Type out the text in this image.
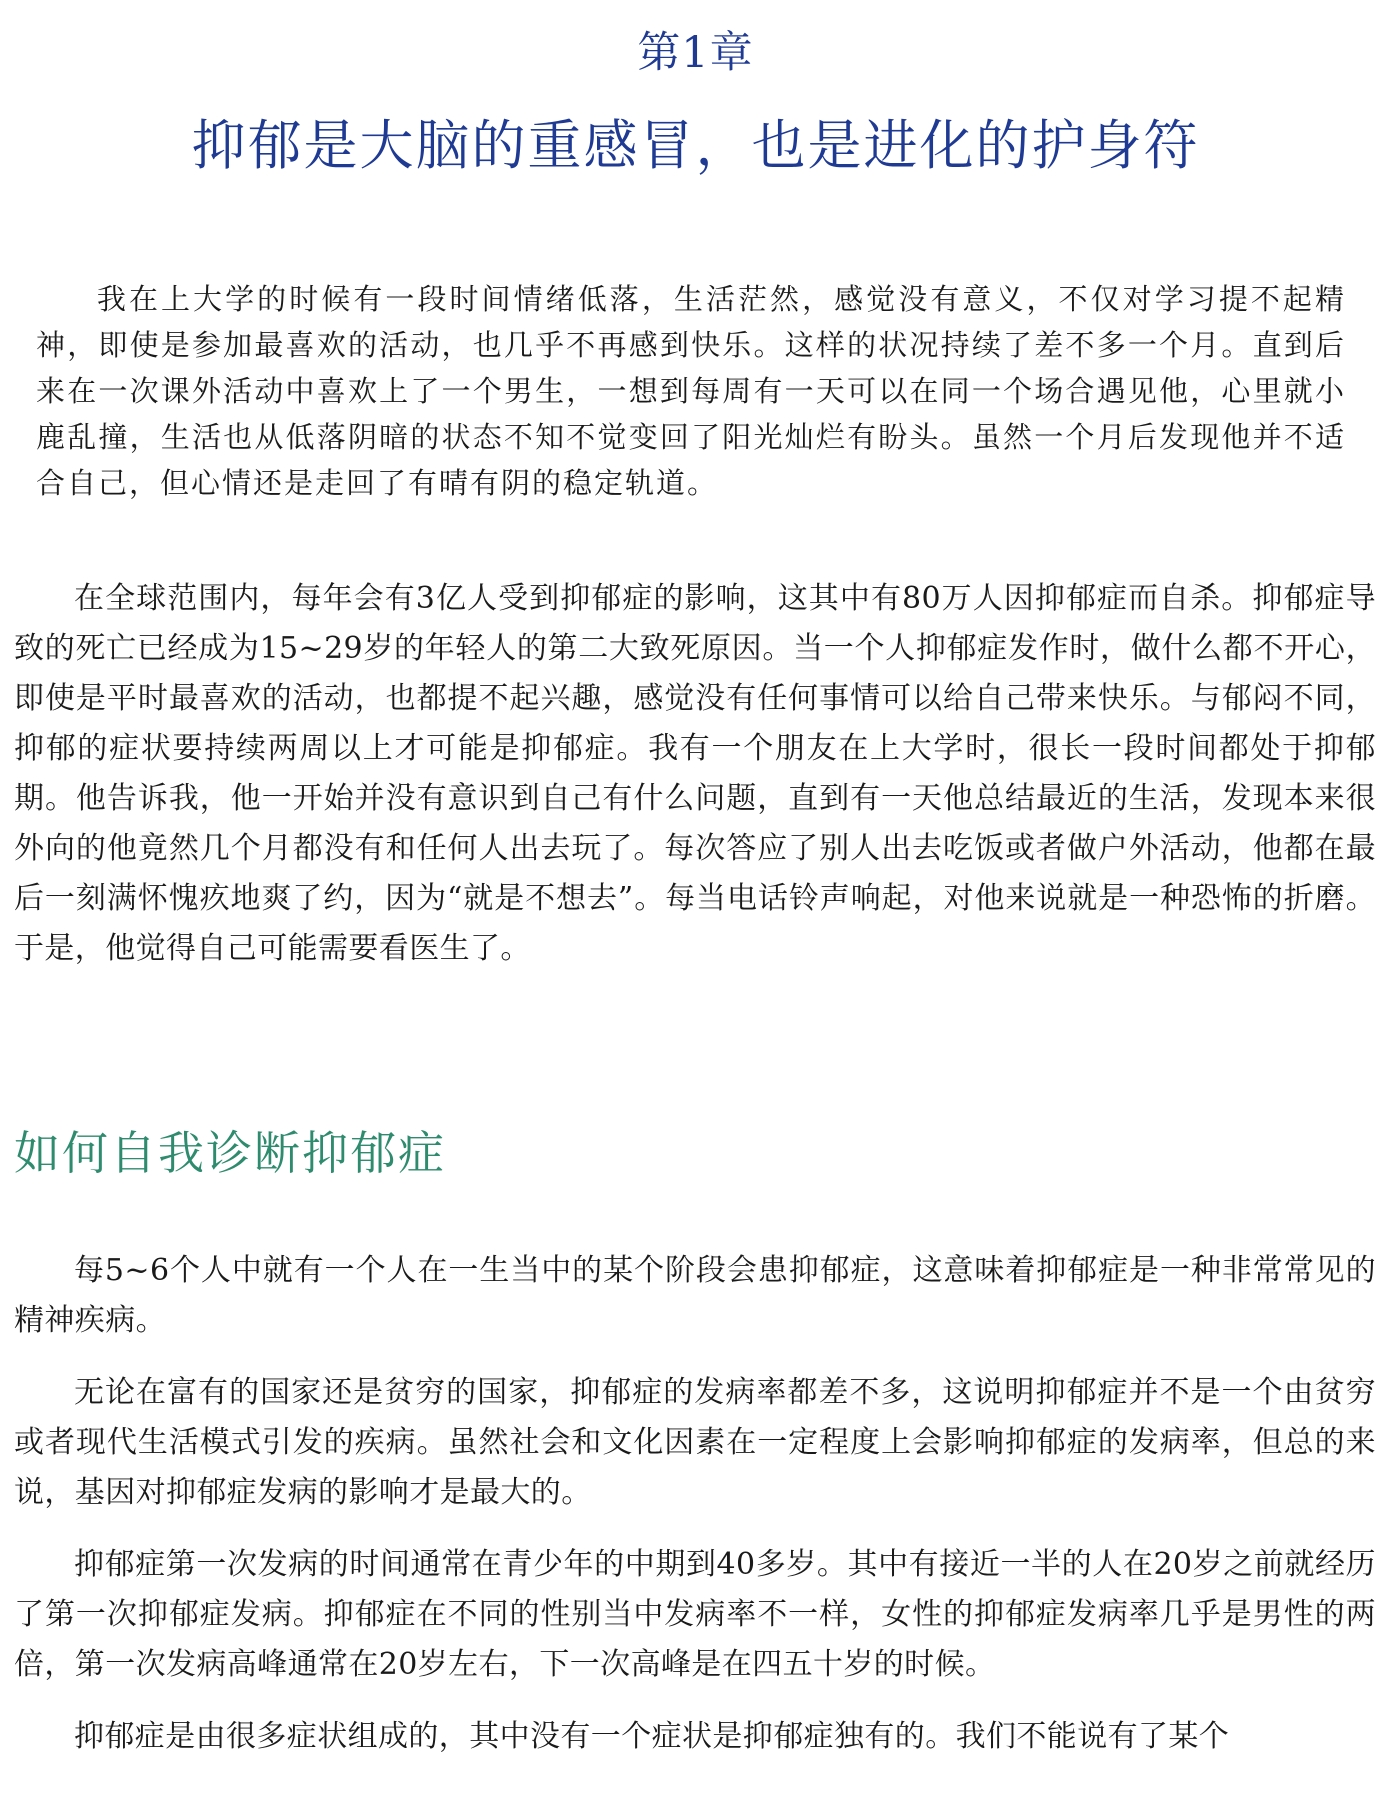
第1章
抑郁是大脑的重感冒，也是进化的护身符

我在上大学的时候有一段时间情绪低落，生活茫然，感觉没有意义，不仅对学习提不起精神，即使是参加最喜欢的活动，也几乎不再感到快乐。这样的状况持续了差不多一个月。直到后来在一次课外活动中喜欢上了一个男生，一想到每周有一天可以在同一个场合遇见他，心里就小鹿乱撞，生活也从低落阴暗的状态不知不觉变回了阳光灿烂有盼头。虽然一个月后发现他并不适合自己，但心情还是走回了有晴有阴的稳定轨道。

在全球范围内，每年会有3亿人受到抑郁症的影响，这其中有80万人因抑郁症而自杀。抑郁症导致的死亡已经成为15~29岁的年轻人的第二大致死原因。当一个人抑郁症发作时，做什么都不开心，即使是平时最喜欢的活动，也都提不起兴趣，感觉没有任何事情可以给自己带来快乐。与郁闷不同，抑郁的症状要持续两周以上才可能是抑郁症。我有一个朋友在上大学时，很长一段时间都处于抑郁期。他告诉我，他一开始并没有意识到自己有什么问题，直到有一天他总结最近的生活，发现本来很外向的他竟然几个月都没有和任何人出去玩了。每次答应了别人出去吃饭或者做户外活动，他都在最后一刻满怀愧疚地爽了约，因为“就是不想去”。每当电话铃声响起，对他来说就是一种恐怖的折磨。于是，他觉得自己可能需要看医生了。

如何自我诊断抑郁症

每5~6个人中就有一个人在一生当中的某个阶段会患抑郁症，这意味着抑郁症是一种非常常见的精神疾病。

无论在富有的国家还是贫穷的国家，抑郁症的发病率都差不多，这说明抑郁症并不是一个由贫穷或者现代生活模式引发的疾病。虽然社会和文化因素在一定程度上会影响抑郁症的发病率，但总的来说，基因对抑郁症发病的影响才是最大的。

抑郁症第一次发病的时间通常在青少年的中期到40多岁。其中有接近一半的人在20岁之前就经历了第一次抑郁症发病。抑郁症在不同的性别当中发病率不一样，女性的抑郁症发病率几乎是男性的两倍，第一次发病高峰通常在20岁左右，下一次高峰是在四五十岁的时候。

抑郁症是由很多症状组成的，其中没有一个症状是抑郁症独有的。我们不能说有了某个
